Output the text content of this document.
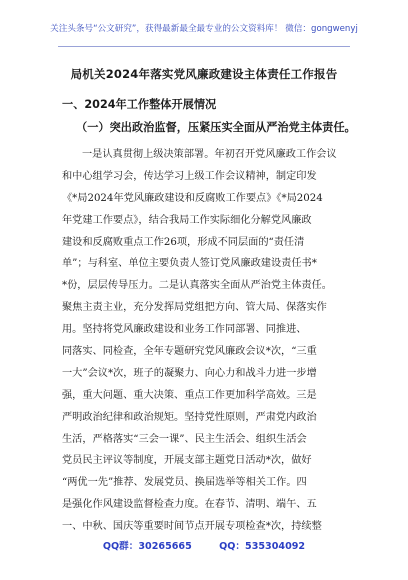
关注头条号“公文研究”，获得最新最全最专业的公文资料库！ 微信：gongwenyj
局机关2024年落实党风廉政建设主体责任工作报告
一、2024年工作整体开展情况
（一）突出政治监督，压紧压实全面从严治党主体责任。
一是认真贯彻上级决策部署。年初召开党风廉政工作会议
和中心组学习会，传达学习上级工作会议精神，制定印发
《*局2024年党风廉政建设和反腐败工作要点》《*局2024
年党建工作要点》，结合我局工作实际细化分解党风廉政
建设和反腐败重点工作26项，形成不同层面的“责任清
单”；与科室、单位主要负责人签订党风廉政建设责任书*
*份，层层传导压力。二是认真落实全面从严治党主体责任。
聚焦主责主业，充分发挥局党组把方向、管大局、保落实作
用。坚持将党风廉政建设和业务工作同部署、同推进、
同落实、同检查，全年专题研究党风廉政会议*次，“三重
一大”会议*次，班子的凝聚力、向心力和战斗力进一步增
强，重大问题、重大决策、重点工作更加科学高效。三是
严明政治纪律和政治规矩。坚持党性原则，严肃党内政治
生活，严格落实“三会一课”、民主生活会、组织生活会
党员民主评议等制度，开展支部主题党日活动*次，做好
“两优一先”推荐、发展党员、换届选举等相关工作。四
是强化作风建设监督检查力度。在春节、清明、端午、五
一、中秋、国庆等重要时间节点开展专项检查*次，持续整
QQ群：30265665	QQ：535304092
